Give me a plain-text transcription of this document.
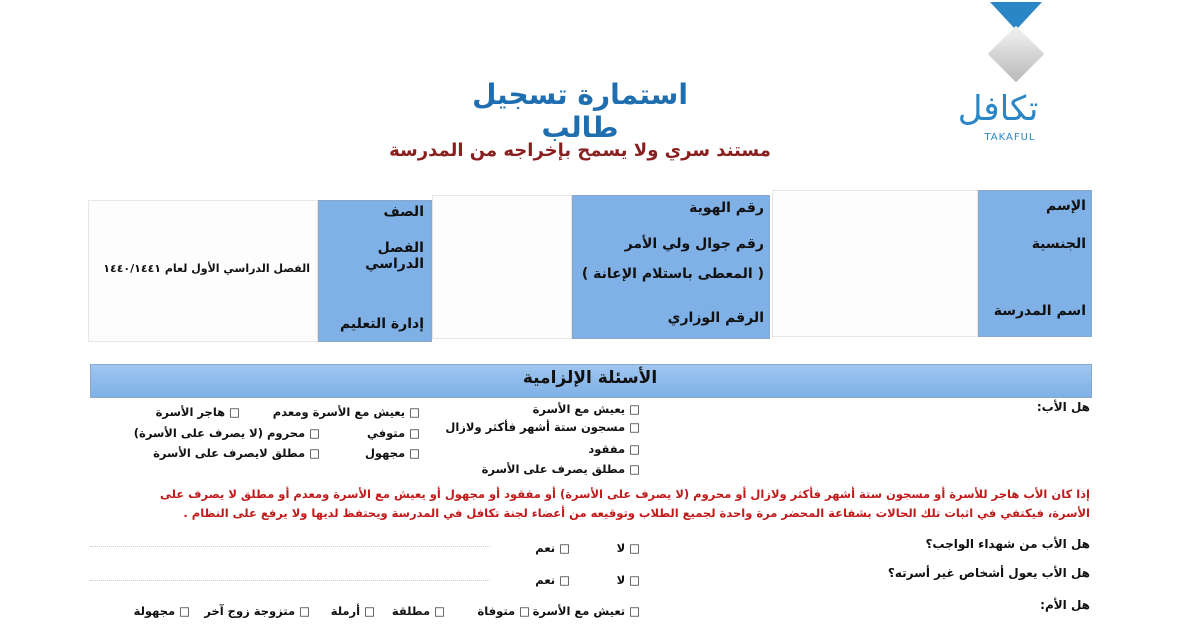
تكافل
TAKAFUL
استمارة تسجيل طالب
مستند سري ولا يسمح بإخراجه من المدرسة
الإسم
الجنسية
اسم المدرسة
رقم الهوية
رقم جوال ولي الأمر
( المعطى باستلام الإعانة )
الرقم الوزاري
الصف
الفصل الدراسي
إدارة التعليم
الفصل الدراسي الأول لعام ١٤٤٠/١٤٤١
الأسئلة الإلزامية
هل الأب:
□ يعيش مع الأسرة
□ مسجون ستة أشهر فأكثر ولازال
□ مفقود
□ مطلق يصرف على الأسرة
□ يعيش مع الأسرة ومعدم
□ متوفي
□ مجهول
□ هاجر الأسرة
□ محروم (لا يصرف على الأسرة)
□ مطلق لايصرف على الأسرة
إذا كان الأب هاجر للأسرة أو مسجون ستة أشهر فأكثر ولازال أو محروم (لا يصرف على الأسرة) أو مفقود أو مجهول أو يعيش مع الأسرة ومعدم أو مطلق لا يصرف على
الأسرة، فيكتفي في اثبات تلك الحالات بشفاعة المحضر مرة واحدة لجميع الطلاب وتوقيعه من أعضاء لجنة تكافل في المدرسة ويحتفظ لديها ولا يرفع على النظام .
هل الأب من شهداء الواجب؟
□ لا
□ نعم
هل الأب يعول أشخاص غير أسرته؟
□ لا
□ نعم
هل الأم:
□ تعيش مع الأسرة
□ متوفاة
□ مطلقة
□ أرملة
□ متزوجة زوج آخر
□ مجهولة
